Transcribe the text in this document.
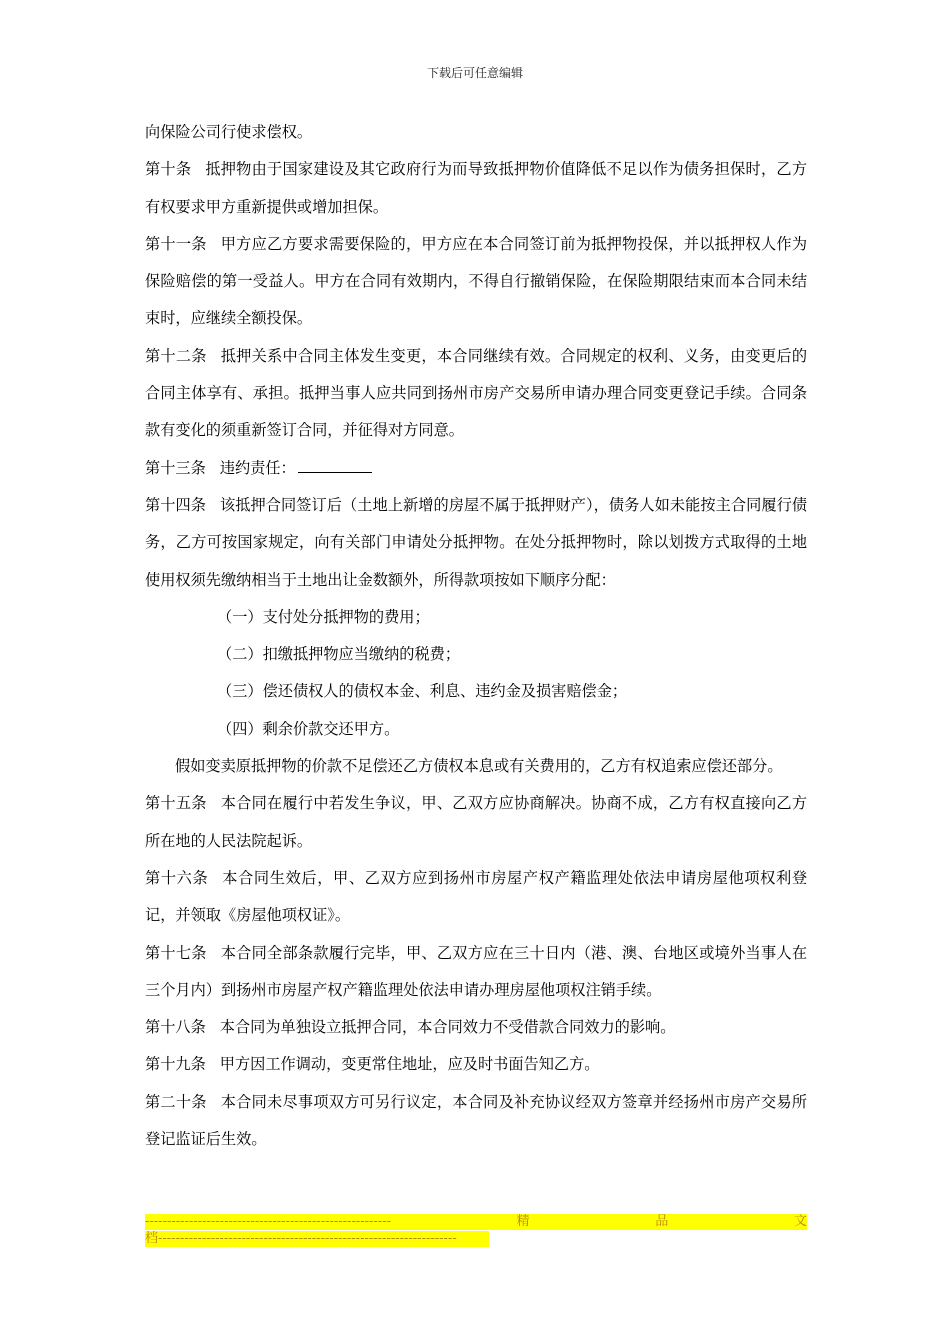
下载后可任意编辑

向保险公司行使求偿权。

第十条 抵押物由于国家建设及其它政府行为而导致抵押物价值降低不足以作为债务担保时，乙方有权要求甲方重新提供或增加担保。

第十一条 甲方应乙方要求需要保险的，甲方应在本合同签订前为抵押物投保，并以抵押权人作为保险赔偿的第一受益人。甲方在合同有效期内，不得自行撤销保险，在保险期限结束而本合同未结束时，应继续全额投保。

第十二条 抵押关系中合同主体发生变更，本合同继续有效。合同规定的权利、义务，由变更后的合同主体享有、承担。抵押当事人应共同到扬州市房产交易所申请办理合同变更登记手续。合同条款有变化的须重新签订合同，并征得对方同意。

第十三条 违约责任：

第十四条 该抵押合同签订后（土地上新增的房屋不属于抵押财产），债务人如未能按主合同履行债务，乙方可按国家规定，向有关部门申请处分抵押物。在处分抵押物时，除以划拨方式取得的土地使用权须先缴纳相当于土地出让金数额外，所得款项按如下顺序分配：

（一）支付处分抵押物的费用；

（二）扣缴抵押物应当缴纳的税费；

（三）偿还债权人的债权本金、利息、违约金及损害赔偿金；

（四）剩余价款交还甲方。

假如变卖原抵押物的价款不足偿还乙方债权本息或有关费用的，乙方有权追索应偿还部分。

第十五条 本合同在履行中若发生争议，甲、乙双方应协商解决。协商不成，乙方有权直接向乙方所在地的人民法院起诉。

第十六条 本合同生效后，甲、乙双方应到扬州市房屋产权产籍监理处依法申请房屋他项权利登记，并领取《房屋他项权证》。

第十七条 本合同全部条款履行完毕，甲、乙双方应在三十日内（港、澳、台地区或境外当事人在三个月内）到扬州市房屋产权产籍监理处依法申请办理房屋他项权注销手续。

第十八条 本合同为单独设立抵押合同，本合同效力不受借款合同效力的影响。

第十九条 甲方因工作调动，变更常住地址，应及时书面告知乙方。

第二十条 本合同未尽事项双方可另行议定，本合同及补充协议经双方签章并经扬州市房产交易所登记监证后生效。

--------------------------------------------------------	精	品	文
档--------------------------------------------------------------------
